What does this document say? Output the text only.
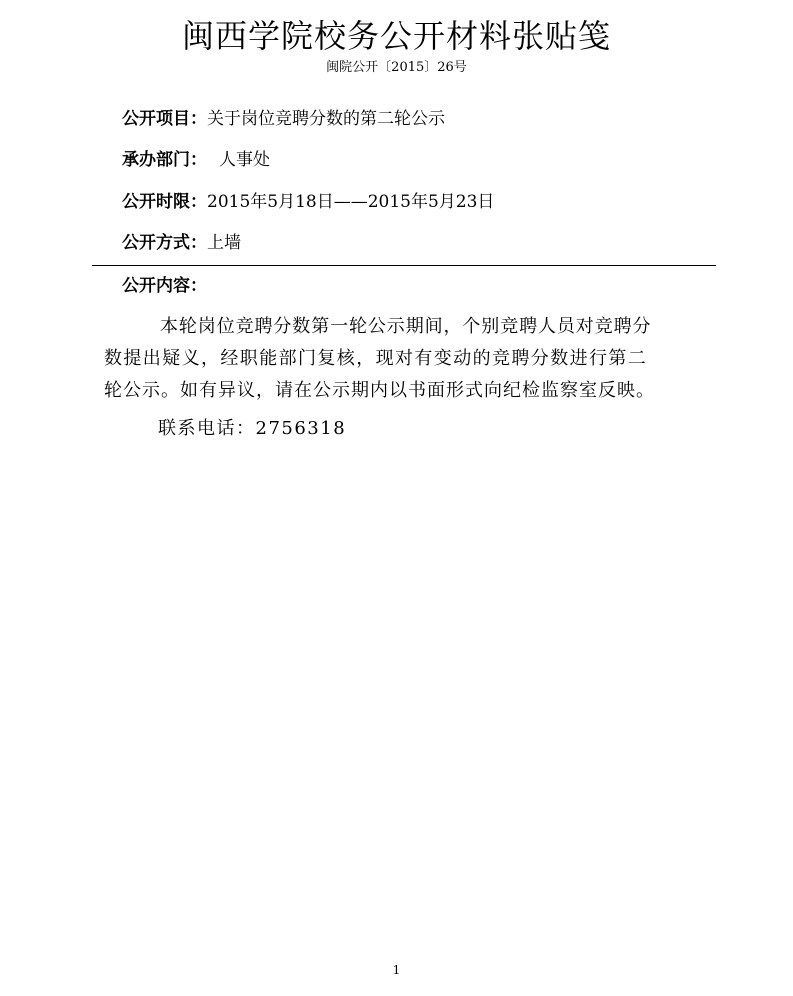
闽西学院校务公开材料张贴笺
闽院公开〔2015〕26号
公开项目：关于岗位竞聘分数的第二轮公示
承办部门： 人事处
公开时限：2015年5月18日——2015年5月23日
公开方式：上墙
公开内容：
本轮岗位竞聘分数第一轮公示期间，个别竞聘人员对竞聘分
数提出疑义，经职能部门复核，现对有变动的竞聘分数进行第二
轮公示。如有异议，请在公示期内以书面形式向纪检监察室反映。
联系电话：2756318
1
